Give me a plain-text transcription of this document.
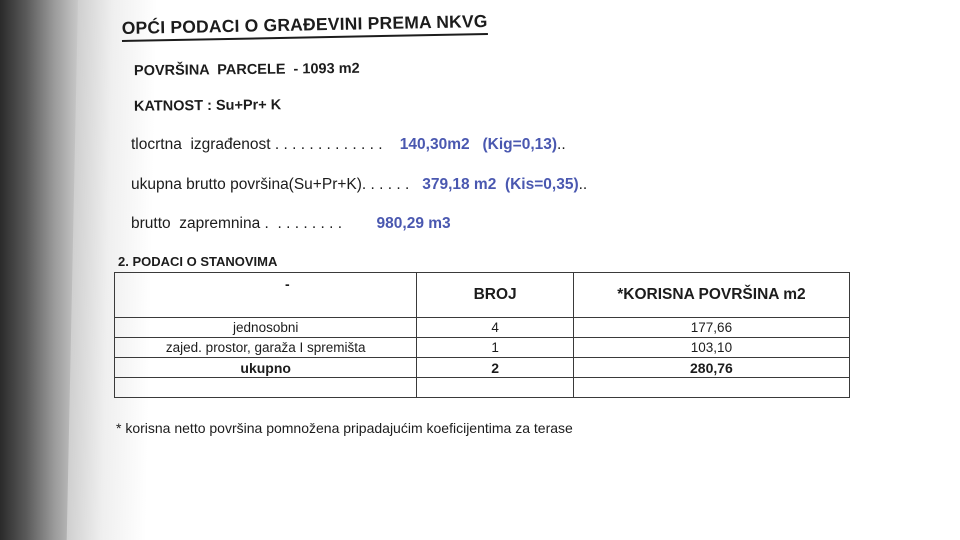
OPĆI PODACI O GRAĐEVINI PREMA NKVG
POVRŠINA  PARCELE  - 1093 m2
KATNOST : Su+Pr+ K
tlocrtna  izgrađenost . . . . . . . . . . . . . 140,30m2   (Kig=0,13)..
ukupna brutto površina(Su+Pr+K). . . . . . 379,18 m2  (Kis=0,35)..
brutto  zapremnina .  . . . . . . . . 980,29 m3
2. PODACI O STANOVIMA
-	BROJ	*KORISNA POVRŠINA m2
jednosobni	4	177,66
zajed. prostor, garaža I spremišta	1	103,10
ukupno	2	280,76

* korisna netto površina pomnožena pripadajućim koeficijentima za terase
